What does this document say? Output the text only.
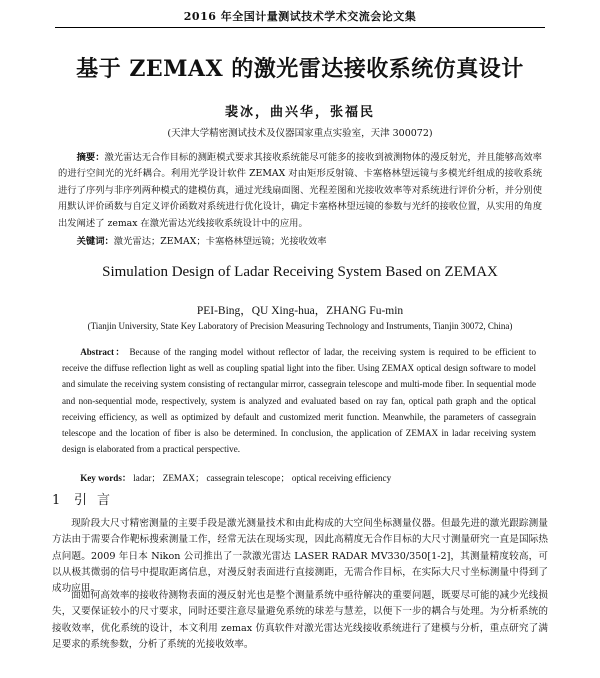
2016 年全国计量测试技术学术交流会论文集
基于 ZEMAX 的激光雷达接收系统仿真设计
裴冰，曲兴华，张福民
(天津大学精密测试技术及仪器国家重点实验室，天津 300072)

摘要：激光雷达无合作目标的测距模式要求其接收系统能尽可能多的接收到被测物体的漫反射光，并且能够高效率的进行空间光的光纤耦合。利用光学设计软件 ZEMAX 对由矩形反射镜、卡塞格林望远镜与多模光纤组成的接收系统进行了序列与非序列两种模式的建模仿真，通过光线扇面图、光程差图和光接收效率等对系统进行评价分析，并分别使用默认评价函数与自定义评价函数对系统进行优化设计，确定卡塞格林望远镜的参数与光纤的接收位置，从实用的角度出发阐述了 zemax 在激光雷达光线接收系统设计中的应用。

关键词：激光雷达；ZEMAX；卡塞格林望远镜；光接收效率

Simulation Design of Ladar Receiving System Based on ZEMAX
PEI-Bing，QU Xing-hua，ZHANG Fu-min
(Tianjin University, State Key Laboratory of Precision Measuring Technology and Instruments, Tianjin 30072, China)

Abstract： Because of the ranging model without reflector of ladar, the receiving system is required to be efficient to receive the diffuse reflection light as well as coupling spatial light into the fiber. Using ZEMAX optical design software to model and simulate the receiving system consisting of rectangular mirror, cassegrain telescope and multi-mode fiber. In sequential mode and non-sequential mode, respectively, system is analyzed and evaluated based on ray fan, optical path graph and the optical receiving efficiency, as well as optimized by default and customized merit function. Meanwhile, the parameters of cassegrain telescope and the location of fiber is also be determined. In conclusion, the application of ZEMAX in ladar receiving system design is elaborated from a practical perspective.

Key words： ladar； ZEMAX； cassegrain telescope； optical receiving efficiency

1 引言

现阶段大尺寸精密测量的主要手段是激光测量技术和由此构成的大空间坐标测量仪器。但最先进的激光跟踪测量方法由于需要合作靶标搜索测量工作，经常无法在现场实现，因此高精度无合作目标的大尺寸测量研究一直是国际热点问题。2009 年日本 Nikon 公司推出了一款激光雷达 LASER RADAR MV330/350[1-2]，其测量精度较高，可以从极其微弱的信号中提取距离信息，对漫反射表面进行直接测距，无需合作目标，在实际大尺寸坐标测量中得到了成功应用。

面如何高效率的接收待测物表面的漫反射光也是整个测量系统中亟待解决的重要问题，既要尽可能的减少光线损失，又要保证较小的尺寸要求，同时还要注意尽量避免系统的球差与慧差，以便下一步的耦合与处理。为分析系统的接收效率，优化系统的设计，本文利用 zemax 仿真软件对激光雷达光线接收系统进行了建模与分析，重点研究了满足要求的系统参数，分析了系统的光接收效率。
